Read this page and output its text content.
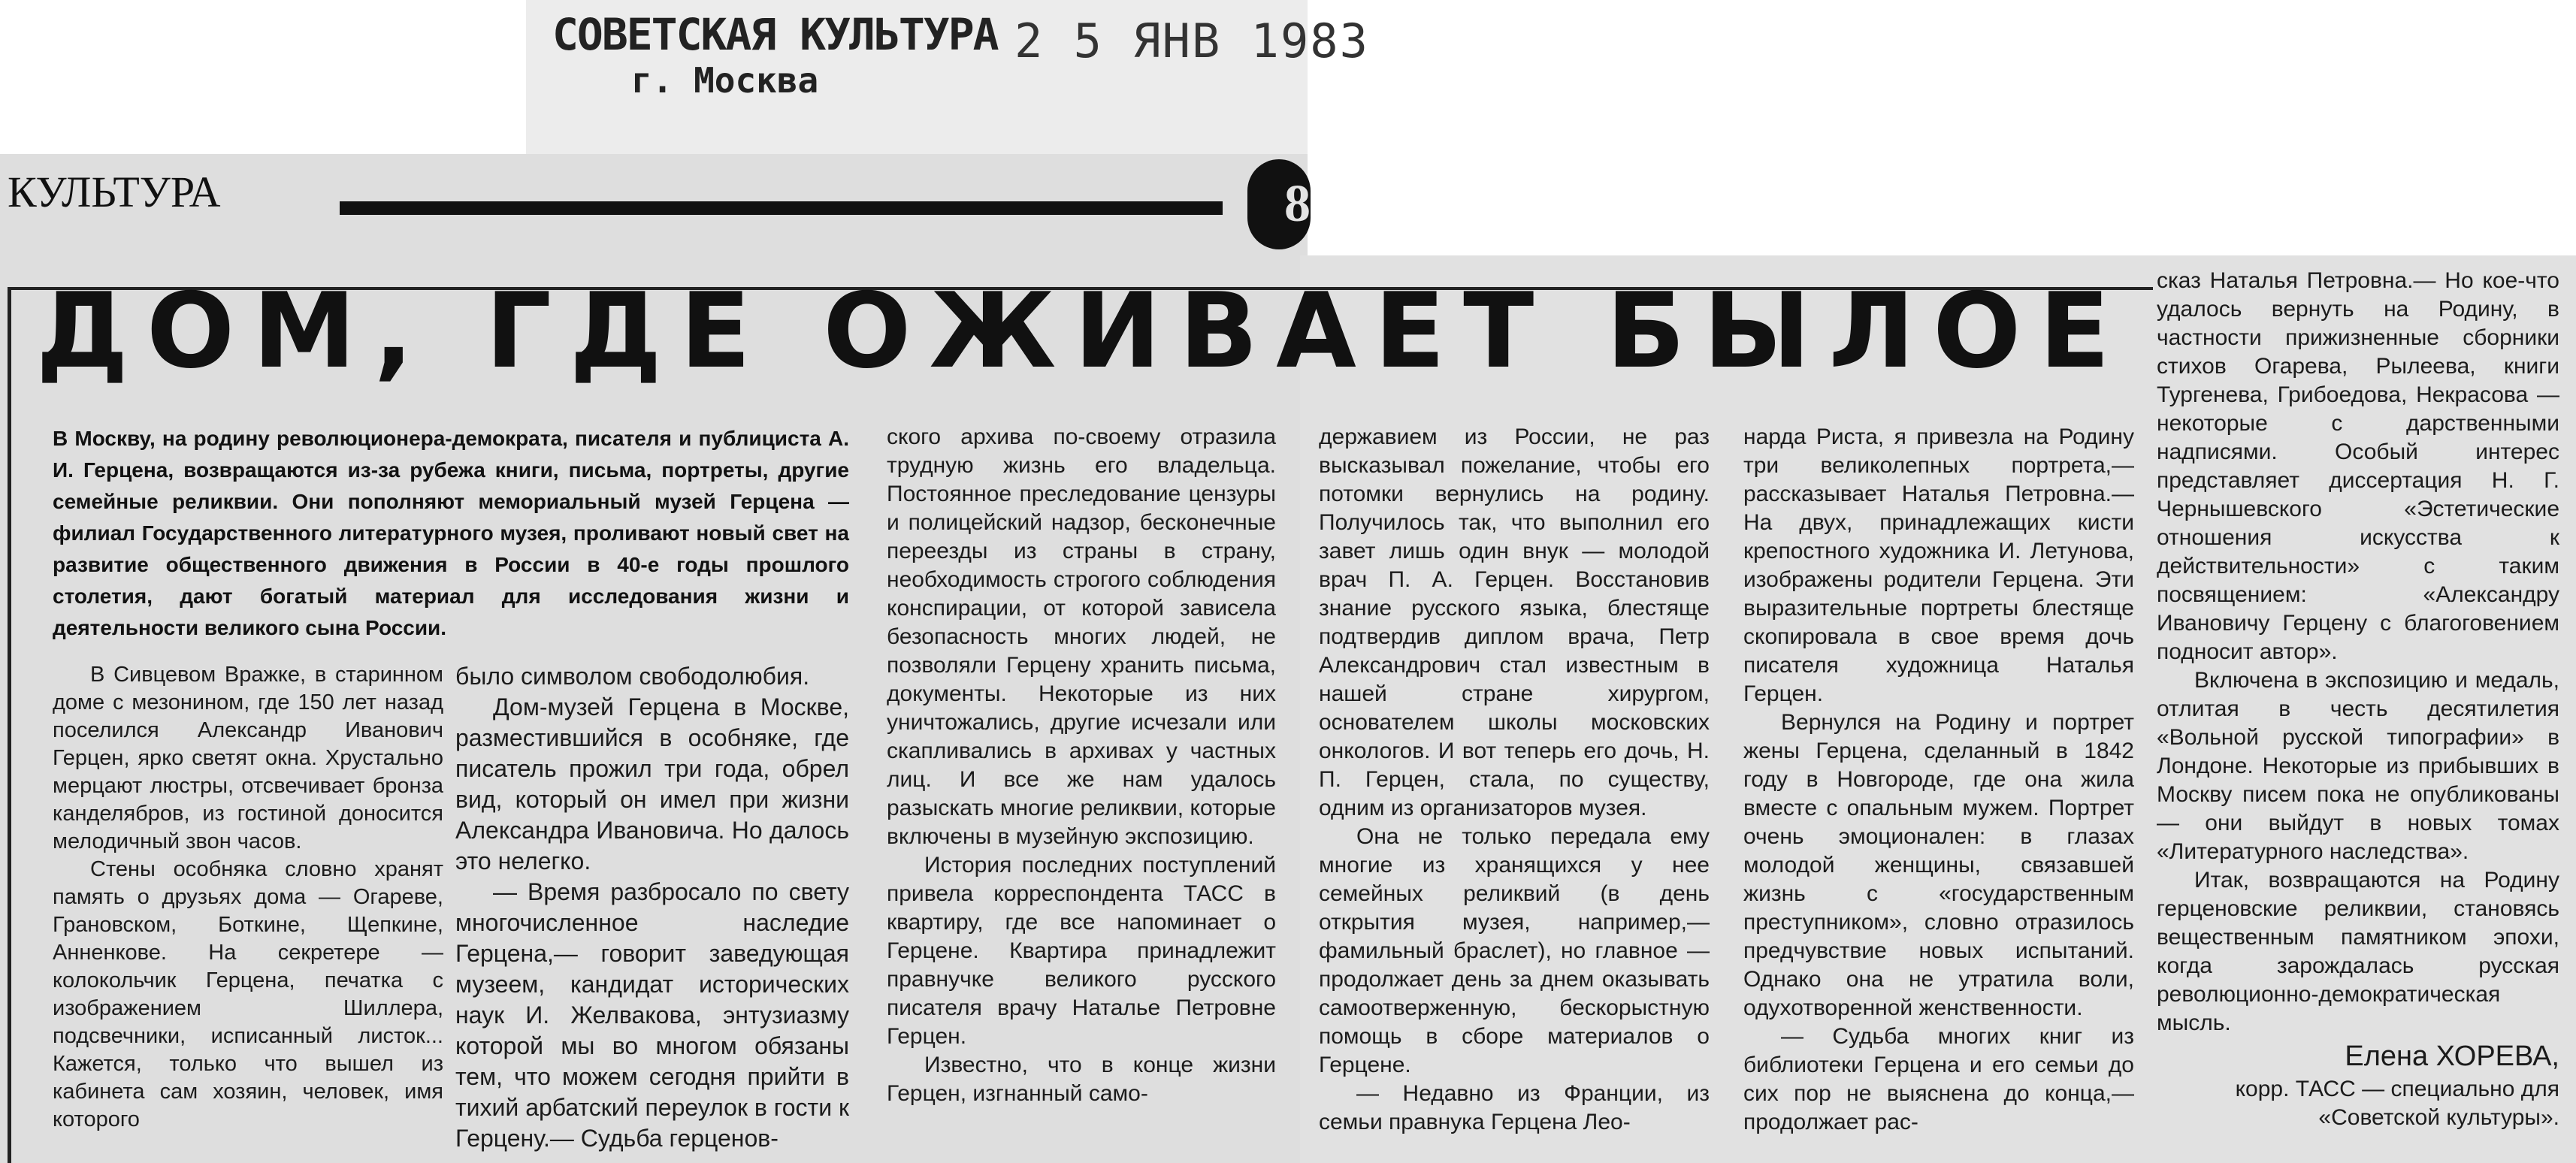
СОВЕТСКАЯ КУЛЬТУРА
г. Москва
2 5 ЯНВ 1983
КУЛЬТУРА	8
ДОМ, ГДЕ ОЖИВАЕТ БЫЛОЕ
В Москву, на родину революционера-демократа, писателя и публициста А. И. Герцена, возвращаются из-за рубежа книги, письма, портреты, другие семейные реликвии. Они пополняют мемориальный музей Герцена — филиал Государственного литературного музея, проливают новый свет на развитие общественного движения в России в 40-е годы прошлого столетия, дают богатый материал для исследования жизни и деятельности великого сына России.

В Сивцевом Вражке, в старинном доме с мезонином, где 150 лет назад поселился Александр Иванович Герцен, ярко светят окна. Хрустально мерцают люстры, отсвечивает бронза канделябров, из гостиной доносится мелодичный звон часов.

Стены особняка словно хранят память о друзьях дома — Огареве, Грановском, Боткине, Щепкине, Анненкове. На секретере — колокольчик Герцена, печатка с изображением Шиллера, подсвечники, исписанный листок... Кажется, только что вышел из кабинета сам хозяин, человек, имя которого

было символом свободолюбия.

Дом-музей Герцена в Москве, разместившийся в особняке, где писатель прожил три года, обрел вид, который он имел при жизни Александра Ивановича. Но далось это нелегко.

— Время разбросало по свету многочисленное наследие Герцена,— говорит заведующая музеем, кандидат исторических наук И. Желвакова, энтузиазму которой мы во многом обязаны тем, что можем сегодня прийти в тихий арбатский переулок в гости к Герцену.— Судьба герценов-

ского архива по-своему отразила трудную жизнь его владельца. Постоянное преследование цензуры и полицейский надзор, бесконечные переезды из страны в страну, необходимость строгого соблюдения конспирации, от которой зависела безопасность многих людей, не позволяли Герцену хранить письма, документы. Некоторые из них уничтожались, другие исчезали или скапливались в архивах у частных лиц. И все же нам удалось разыскать многие реликвии, которые включены в музейную экспозицию.

История последних поступлений привела корреспондента ТАСС в квартиру, где все напоминает о Герцене. Квартира принадлежит правнучке великого русского писателя врачу Наталье Петровне Герцен.

Известно, что в конце жизни Герцен, изгнанный само-

державием из России, не раз высказывал пожелание, чтобы его потомки вернулись на родину. Получилось так, что выполнил его завет лишь один внук — молодой врач П. А. Герцен. Восстановив знание русского языка, блестяще подтвердив диплом врача, Петр Александрович стал известным в нашей стране хирургом, основателем школы московских онкологов. И вот теперь его дочь, Н. П. Герцен, стала, по существу, одним из организаторов музея.

Она не только передала ему многие из хранящихся у нее семейных реликвий (в день открытия музея, например,— фамильный браслет), но главное — продолжает день за днем оказывать самоотверженную, бескорыстную помощь в сборе материалов о Герцене.

— Недавно из Франции, из семьи правнука Герцена Лео-

нарда Риста, я привезла на Родину три великолепных портрета,— рассказывает Наталья Петровна.— На двух, принадлежащих кисти крепостного художника И. Летунова, изображены родители Герцена. Эти выразительные портреты блестяще скопировала в свое время дочь писателя художница Наталья Герцен.

Вернулся на Родину и портрет жены Герцена, сделанный в 1842 году в Новгороде, где она жила вместе с опальным мужем. Портрет очень эмоционален: в глазах молодой женщины, связавшей жизнь с «государственным преступником», словно отразилось предчувствие новых испытаний. Однако она не утратила воли, одухотворенной женственности.

— Судьба многих книг из библиотеки Герцена и его семьи до сих пор не выяснена до конца,— продолжает рас-

сказ Наталья Петровна.— Но кое-что удалось вернуть на Родину, в частности прижизненные сборники стихов Огарева, Рылеева, книги Тургенева, Грибоедова, Некрасова — некоторые с дарственными надписями. Особый интерес представляет диссертация Н. Г. Чернышевского «Эстетические отношения искусства к действительности» с таким посвящением: «Александру Ивановичу Герцену с благоговением подносит автор».

Включена в экспозицию и медаль, отлитая в честь десятилетия «Вольной русской типографии» в Лондоне. Некоторые из прибывших в Москву писем пока не опубликованы — они выйдут в новых томах «Литературного наследства».

Итак, возвращаются на Родину герценовские реликвии, становясь вещественным памятником эпохи, когда зарождалась русская революционно-демократическая мысль.

Елена ХОРЕВА,
корр. ТАСС — специально для «Советской культуры».
